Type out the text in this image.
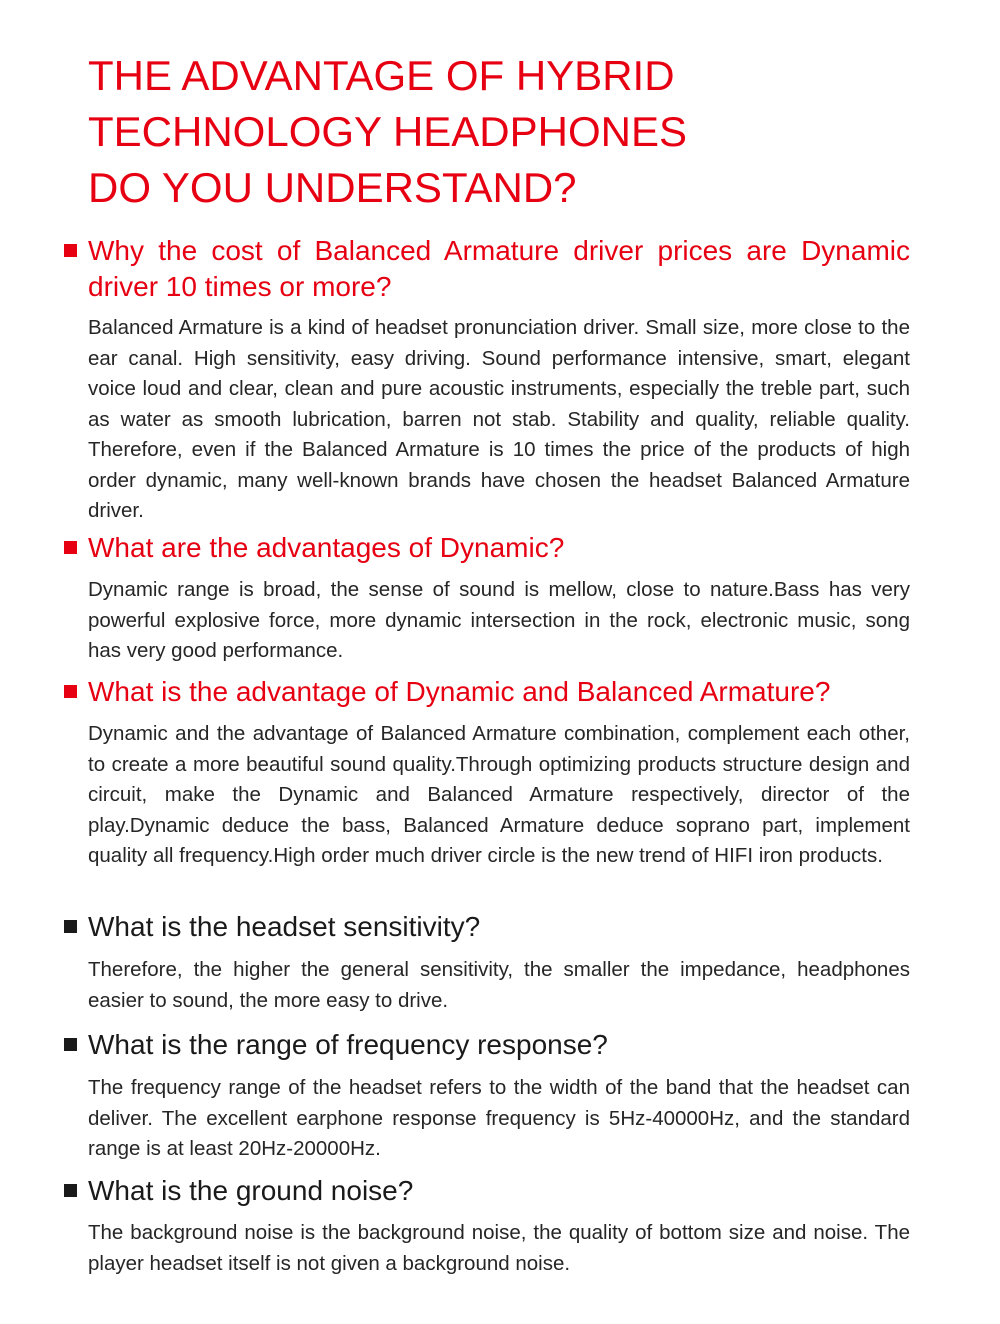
THE ADVANTAGE OF HYBRID
TECHNOLOGY HEADPHONES
DO YOU UNDERSTAND?
Why the cost of Balanced Armature driver prices are Dynamic driver 10 times or more?

Balanced Armature is a kind of headset pronunciation driver. Small size, more close to the ear canal. High sensitivity, easy driving. Sound performance intensive, smart, elegant voice loud and clear, clean and pure acoustic instruments, especially the treble part, such as water as smooth lubrication, barren not stab. Stability and quality, reliable quality. Therefore, even if the Balanced Armature is 10 times the price of the products of high order dynamic, many well-known brands have chosen the headset Balanced Armature driver.

What are the advantages of Dynamic?

Dynamic range is broad, the sense of sound is mellow, close to nature.Bass has very powerful explosive force, more dynamic intersection in the rock, electronic music, song has very good performance.

What is the advantage of Dynamic and Balanced Armature?

Dynamic and the advantage of Balanced Armature combination, complement each other, to create a more beautiful sound quality.Through optimizing products structure design and circuit, make the Dynamic and Balanced Armature respectively, director of the play.Dynamic deduce the bass, Balanced Armature deduce soprano part, implement quality all frequency.High order much driver circle is the new trend of HIFI iron products.

What is the headset sensitivity?

Therefore, the higher the general sensitivity, the smaller the impedance, headphones easier to sound, the more easy to drive.

What is the range of frequency response?

The frequency range of the headset refers to the width of the band that the headset can deliver. The excellent earphone response frequency is 5Hz-40000Hz, and the standard range is at least 20Hz-20000Hz.

What is the ground noise?

The background noise is the background noise, the quality of bottom size and noise. The player headset itself is not given a background noise.
